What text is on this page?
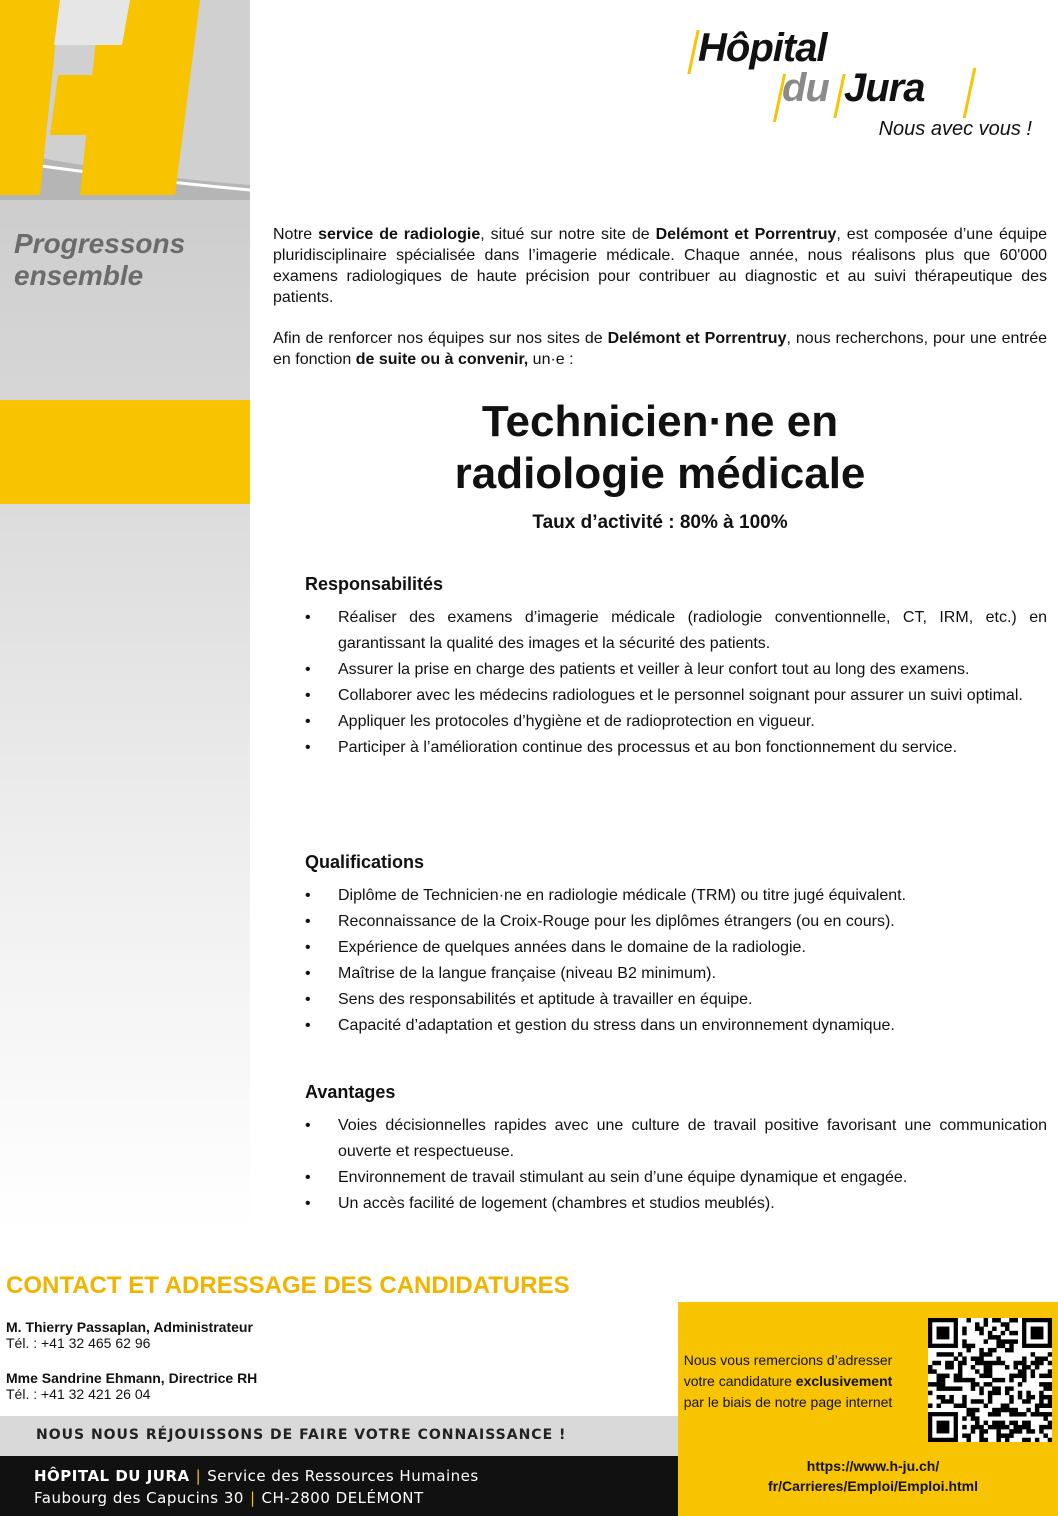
Progressons
ensemble
Hôpital
du Jura
Nous avec vous !

Notre service de radiologie, situé sur notre site de Delémont et Porrentruy, est composée d’une équipe pluridisciplinaire spécialisée dans l’imagerie médicale. Chaque année, nous réalisons plus que 60'000 examens radiologiques de haute précision pour contribuer au diagnostic et au suivi thérapeutique des patients.

Afin de renforcer nos équipes sur nos sites de Delémont et Porrentruy, nous recherchons, pour une entrée en fonction de suite ou à convenir, un·e :

Technicien·ne en
radiologie médicale
Taux d’activité : 80% à 100%
Responsabilités
• Réaliser des examens d’imagerie médicale (radiologie conventionnelle, CT, IRM, etc.) en garantissant la qualité des images et la sécurité des patients.
• Assurer la prise en charge des patients et veiller à leur confort tout au long des examens.
• Collaborer avec les médecins radiologues et le personnel soignant pour assurer un suivi optimal.
• Appliquer les protocoles d’hygiène et de radioprotection en vigueur.
• Participer à l’amélioration continue des processus et au bon fonctionnement du service.
Qualifications
• Diplôme de Technicien·ne en radiologie médicale (TRM) ou titre jugé équivalent.
• Reconnaissance de la Croix-Rouge pour les diplômes étrangers (ou en cours).
• Expérience de quelques années dans le domaine de la radiologie.
• Maîtrise de la langue française (niveau B2 minimum).
• Sens des responsabilités et aptitude à travailler en équipe.
• Capacité d’adaptation et gestion du stress dans un environnement dynamique.
Avantages
• Voies décisionnelles rapides avec une culture de travail positive favorisant une communication ouverte et respectueuse.
• Environnement de travail stimulant au sein d’une équipe dynamique et engagée.
• Un accès facilité de logement (chambres et studios meublés).
CONTACT ET ADRESSAGE DES CANDIDATURES
M. Thierry Passaplan, Administrateur
Tél. : +41 32 465 62 96
Mme Sandrine Ehmann, Directrice RH
Tél. : +41 32 421 26 04
NOUS NOUS RÉJOUISSONS DE FAIRE VOTRE CONNAISSANCE !
HÔPITAL DU JURA | Service des Ressources Humaines
Faubourg des Capucins 30 | CH-2800 DELÉMONT
Nous vous remercions d’adresser votre candidature exclusivement par le biais de notre page internet
https://www.h-ju.ch/
fr/Carrieres/Emploi/Emploi.html
